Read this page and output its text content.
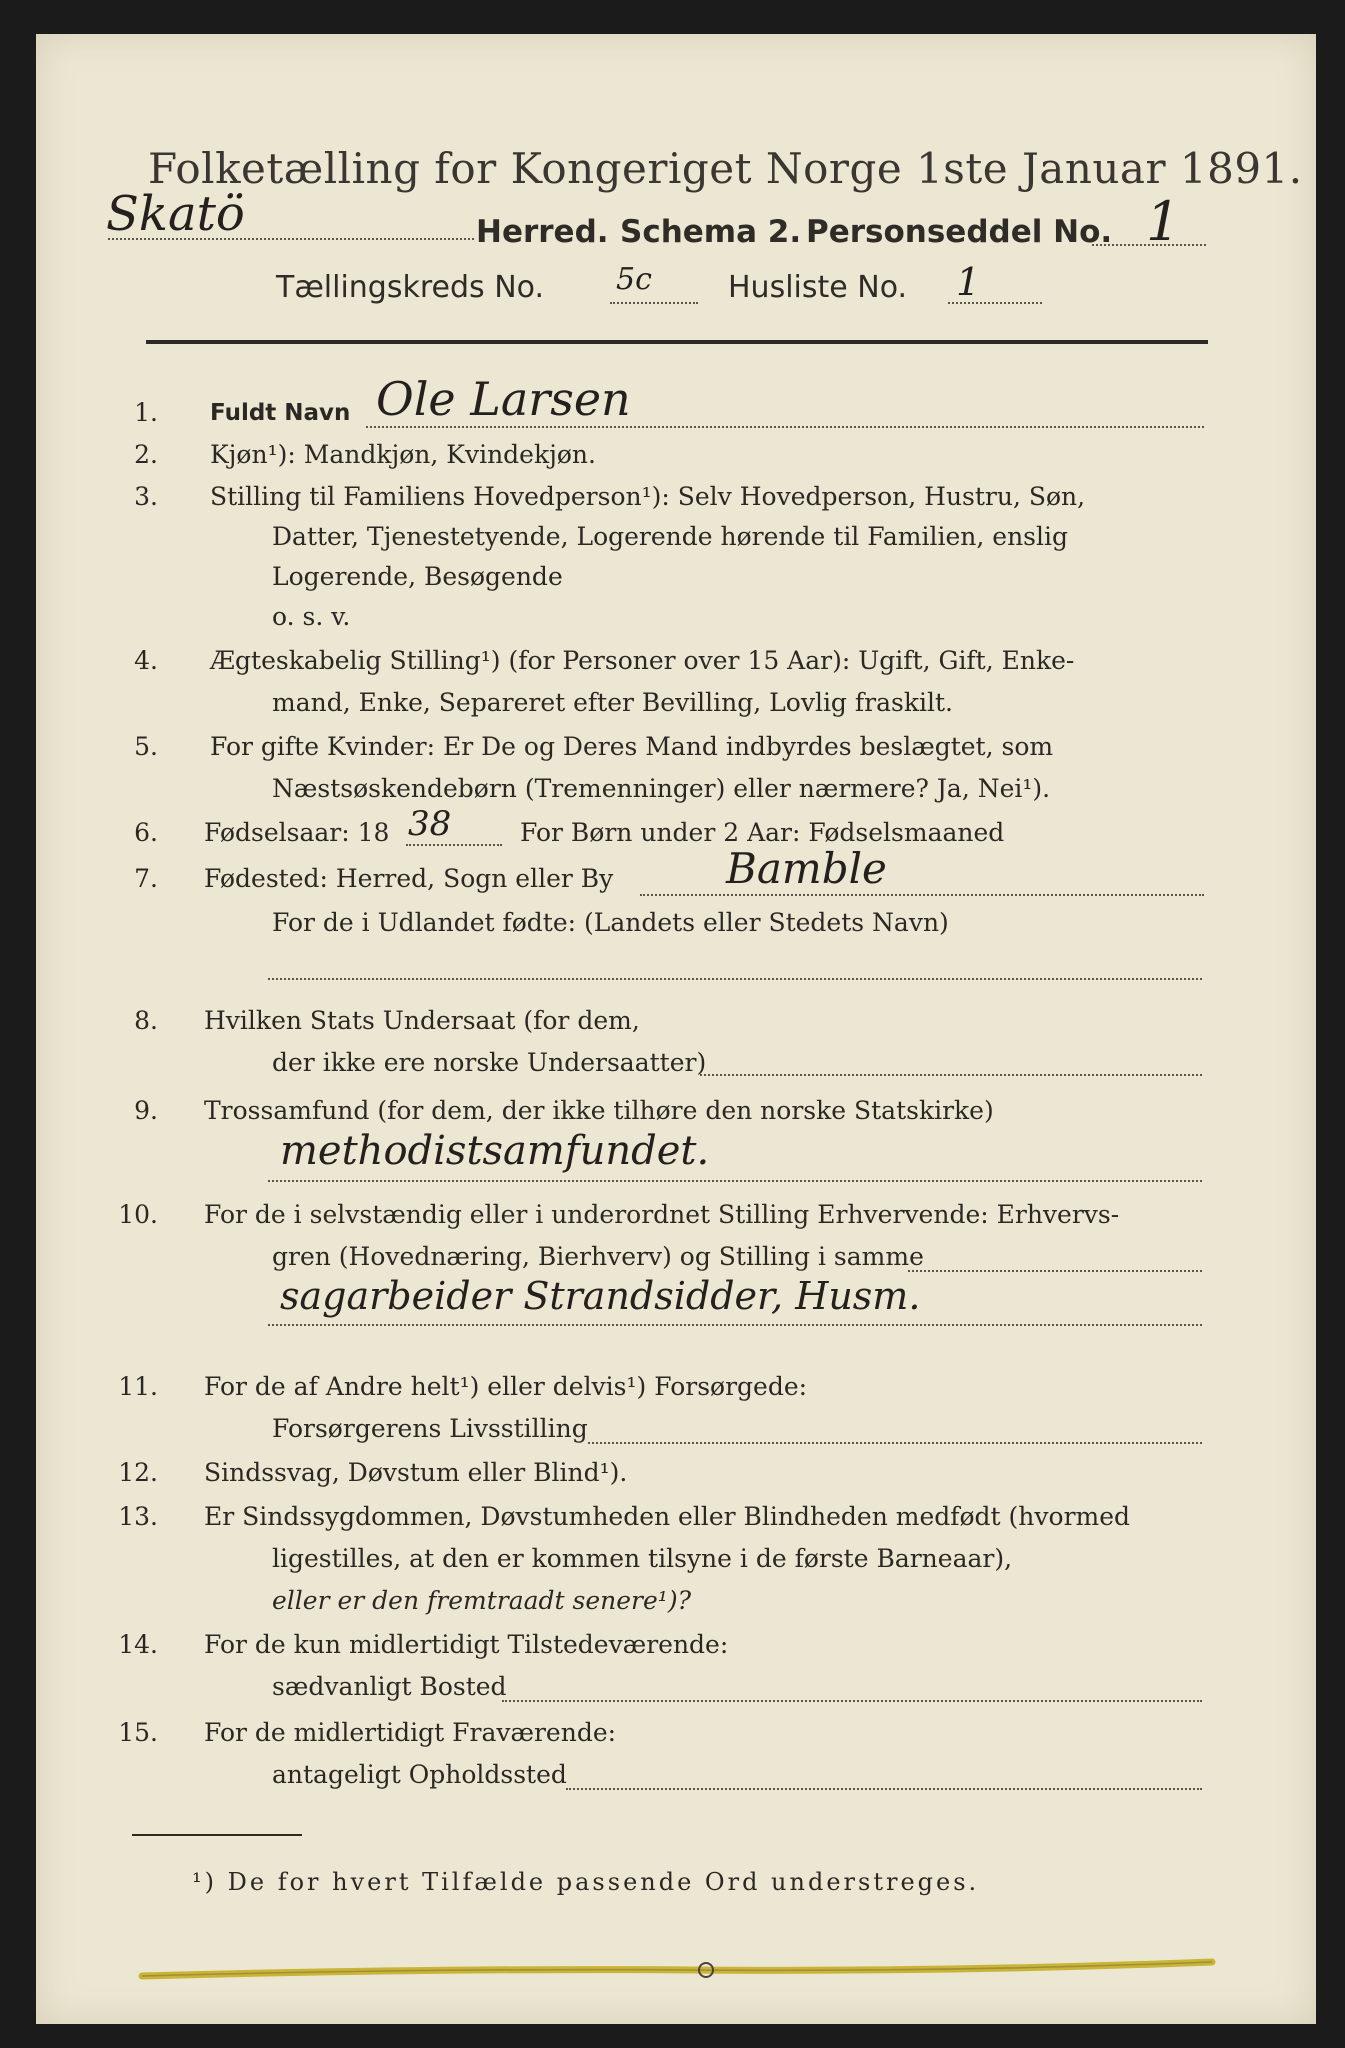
Folketælling for Kongeriget Norge 1ste Januar 1891.
Skatö	Herred. Schema 2. Personseddel No. 1
Tællingskreds No. 5c	Husliste No. 1
1. Fuldt Navn Ole Larsen
2. Kjøn¹): Mandkjøn, Kvindekjøn.
3. Stilling til Familiens Hovedperson¹): Selv Hovedperson, Hustru, Søn,
Datter, Tjenestetyende, Logerende hørende til Familien, enslig
Logerende, Besøgende
o. s. v.
4. Ægteskabelig Stilling¹) (for Personer over 15 Aar): Ugift, Gift, Enke-
mand, Enke, Separeret efter Bevilling, Lovlig fraskilt.
5. For gifte Kvinder: Er De og Deres Mand indbyrdes beslægtet, som
Næstsøskendebørn (Tremenninger) eller nærmere? Ja, Nei¹).
6. Fødselsaar: 18 38	For Børn under 2 Aar: Fødselsmaaned
7. Fødested: Herred, Sogn eller By	Bamble
For de i Udlandet fødte: (Landets eller Stedets Navn)
8. Hvilken Stats Undersaat (for dem,
der ikke ere norske Undersaatter)
9. Trossamfund (for dem, der ikke tilhøre den norske Statskirke)
methodistsamfundet.
10. For de i selvstændig eller i underordnet Stilling Erhvervende: Erhvervs-
gren (Hovednæring, Bierhverv) og Stilling i samme
sagarbeider Strandsidder, Husm.
11. For de af Andre helt¹) eller delvis¹) Forsørgede:
Forsørgerens Livsstilling
12. Sindssvag, Døvstum eller Blind¹).
13. Er Sindssygdommen, Døvstumheden eller Blindheden medfødt (hvormed
ligestilles, at den er kommen tilsyne i de første Barneaar),
eller er den fremtraadt senere¹)?
14. For de kun midlertidigt Tilstedeværende:
sædvanligt Bosted
15. For de midlertidigt Fraværende:
antageligt Opholdssted
¹) De for hvert Tilfælde passende Ord understreges.
